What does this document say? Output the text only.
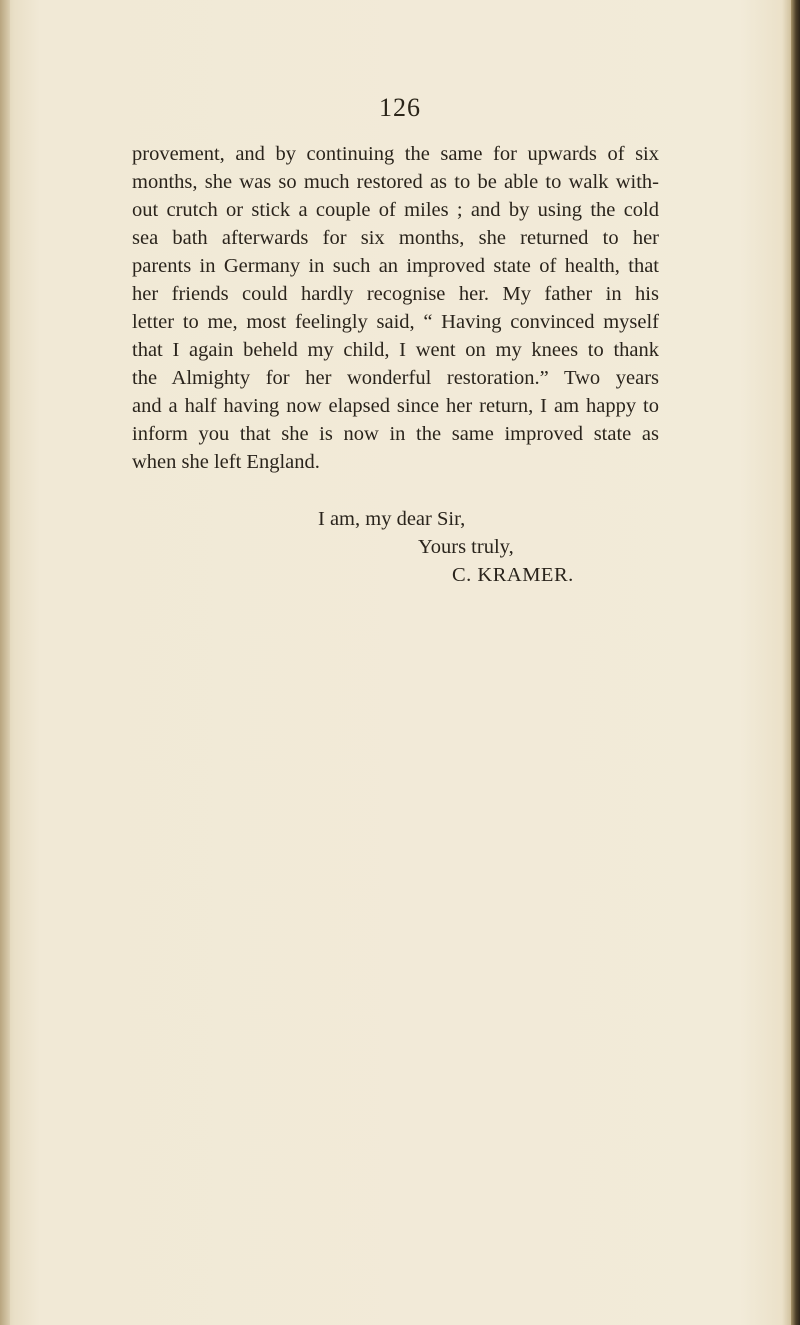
126
provement, and by continuing the same for upwards of six
months, she was so much restored as to be able to walk with-
out crutch or stick a couple of miles ; and by using the cold
sea bath afterwards for six months, she returned to her
parents in Germany in such an improved state of health, that
her friends could hardly recognise her. My father in his
letter to me, most feelingly said, “ Having convinced myself
that I again beheld my child, I went on my knees to thank
the Almighty for her wonderful restoration.” Two years
and a half having now elapsed since her return, I am happy to
inform you that she is now in the same improved state as
when she left England.
I am, my dear Sir,
Yours truly,
C. KRAMER.
